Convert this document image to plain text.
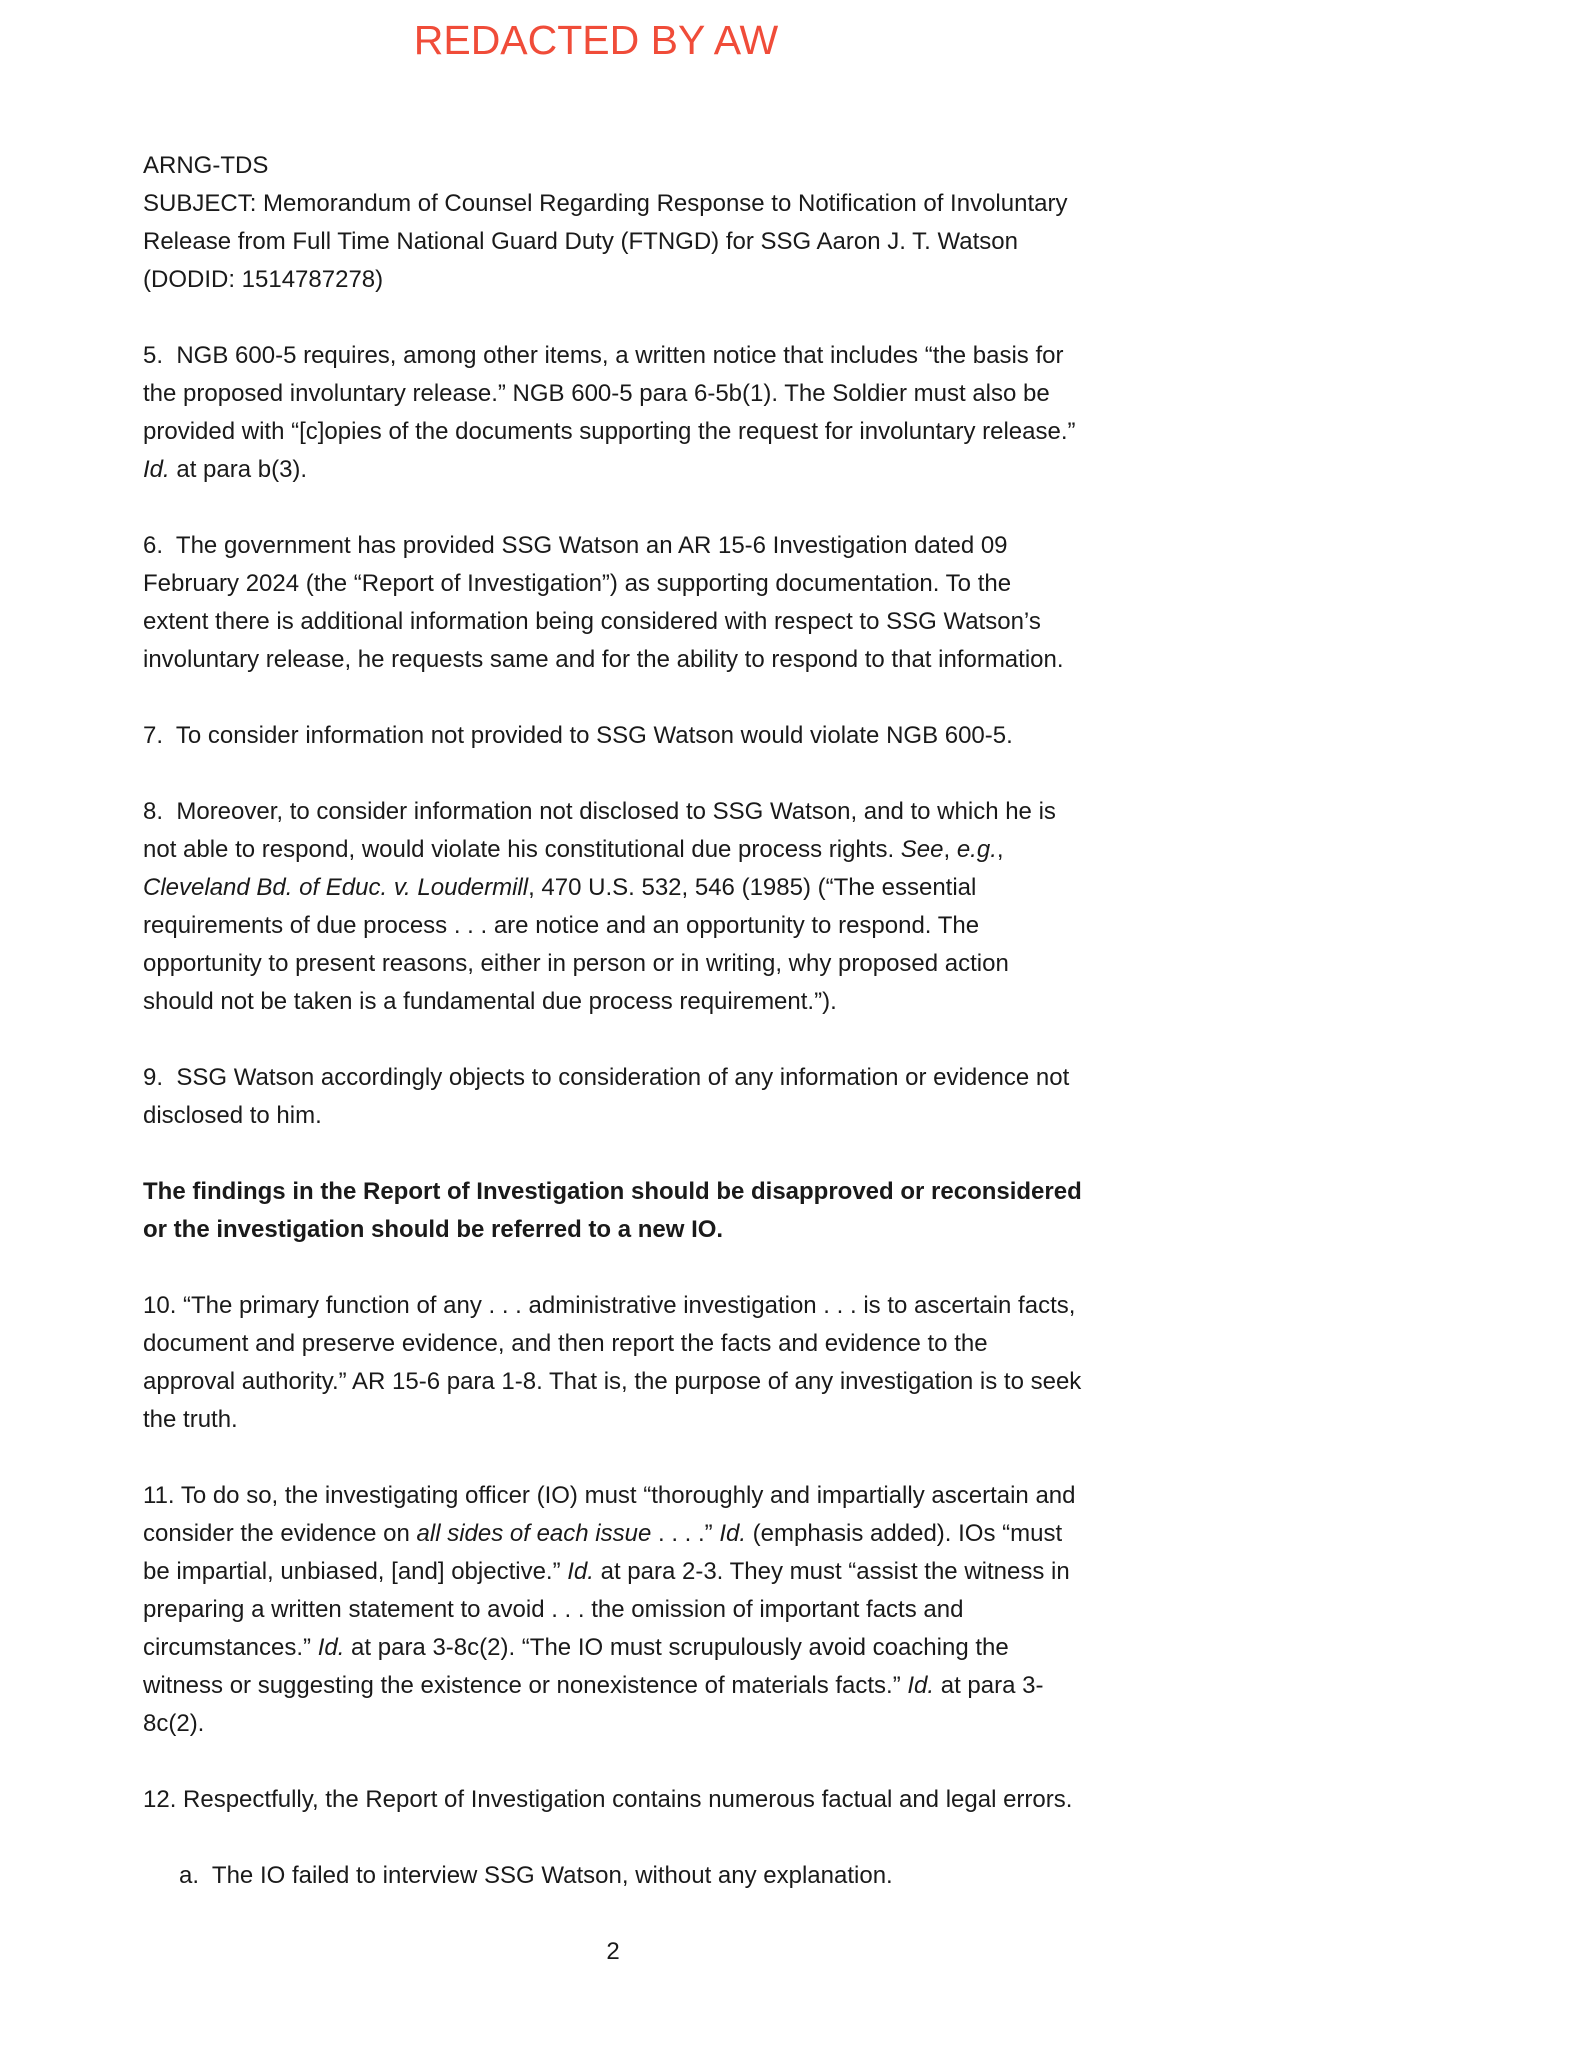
REDACTED BY AW

ARNG-TDS

SUBJECT: Memorandum of Counsel Regarding Response to Notification of Involuntary Release from Full Time National Guard Duty (FTNGD) for SSG Aaron J. T. Watson (DODID: 1514787278)

5.  NGB 600-5 requires, among other items, a written notice that includes “the basis for the proposed involuntary release.” NGB 600-5 para 6-5b(1). The Soldier must also be provided with “[c]opies of the documents supporting the request for involuntary release.” Id. at para b(3).

6.  The government has provided SSG Watson an AR 15-6 Investigation dated 09 February 2024 (the “Report of Investigation”) as supporting documentation. To the extent there is additional information being considered with respect to SSG Watson’s involuntary release, he requests same and for the ability to respond to that information.

7.  To consider information not provided to SSG Watson would violate NGB 600-5.

8.  Moreover, to consider information not disclosed to SSG Watson, and to which he is not able to respond, would violate his constitutional due process rights. See, e.g., Cleveland Bd. of Educ. v. Loudermill, 470 U.S. 532, 546 (1985) (“The essential requirements of due process . . . are notice and an opportunity to respond. The opportunity to present reasons, either in person or in writing, why proposed action should not be taken is a fundamental due process requirement.”).

9.  SSG Watson accordingly objects to consideration of any information or evidence not disclosed to him.

The findings in the Report of Investigation should be disapproved or reconsidered or the investigation should be referred to a new IO.

10. “The primary function of any . . . administrative investigation . . . is to ascertain facts, document and preserve evidence, and then report the facts and evidence to the approval authority.” AR 15-6 para 1-8. That is, the purpose of any investigation is to seek the truth.

11. To do so, the investigating officer (IO) must “thoroughly and impartially ascertain and consider the evidence on all sides of each issue . . . .” Id. (emphasis added). IOs “must be impartial, unbiased, [and] objective.” Id. at para 2-3. They must “assist the witness in preparing a written statement to avoid . . . the omission of important facts and circumstances.” Id. at para 3-8c(2). “The IO must scrupulously avoid coaching the witness or suggesting the existence or nonexistence of materials facts.” Id. at para 3-8c(2).

12. Respectfully, the Report of Investigation contains numerous factual and legal errors.

a.  The IO failed to interview SSG Watson, without any explanation.

2
